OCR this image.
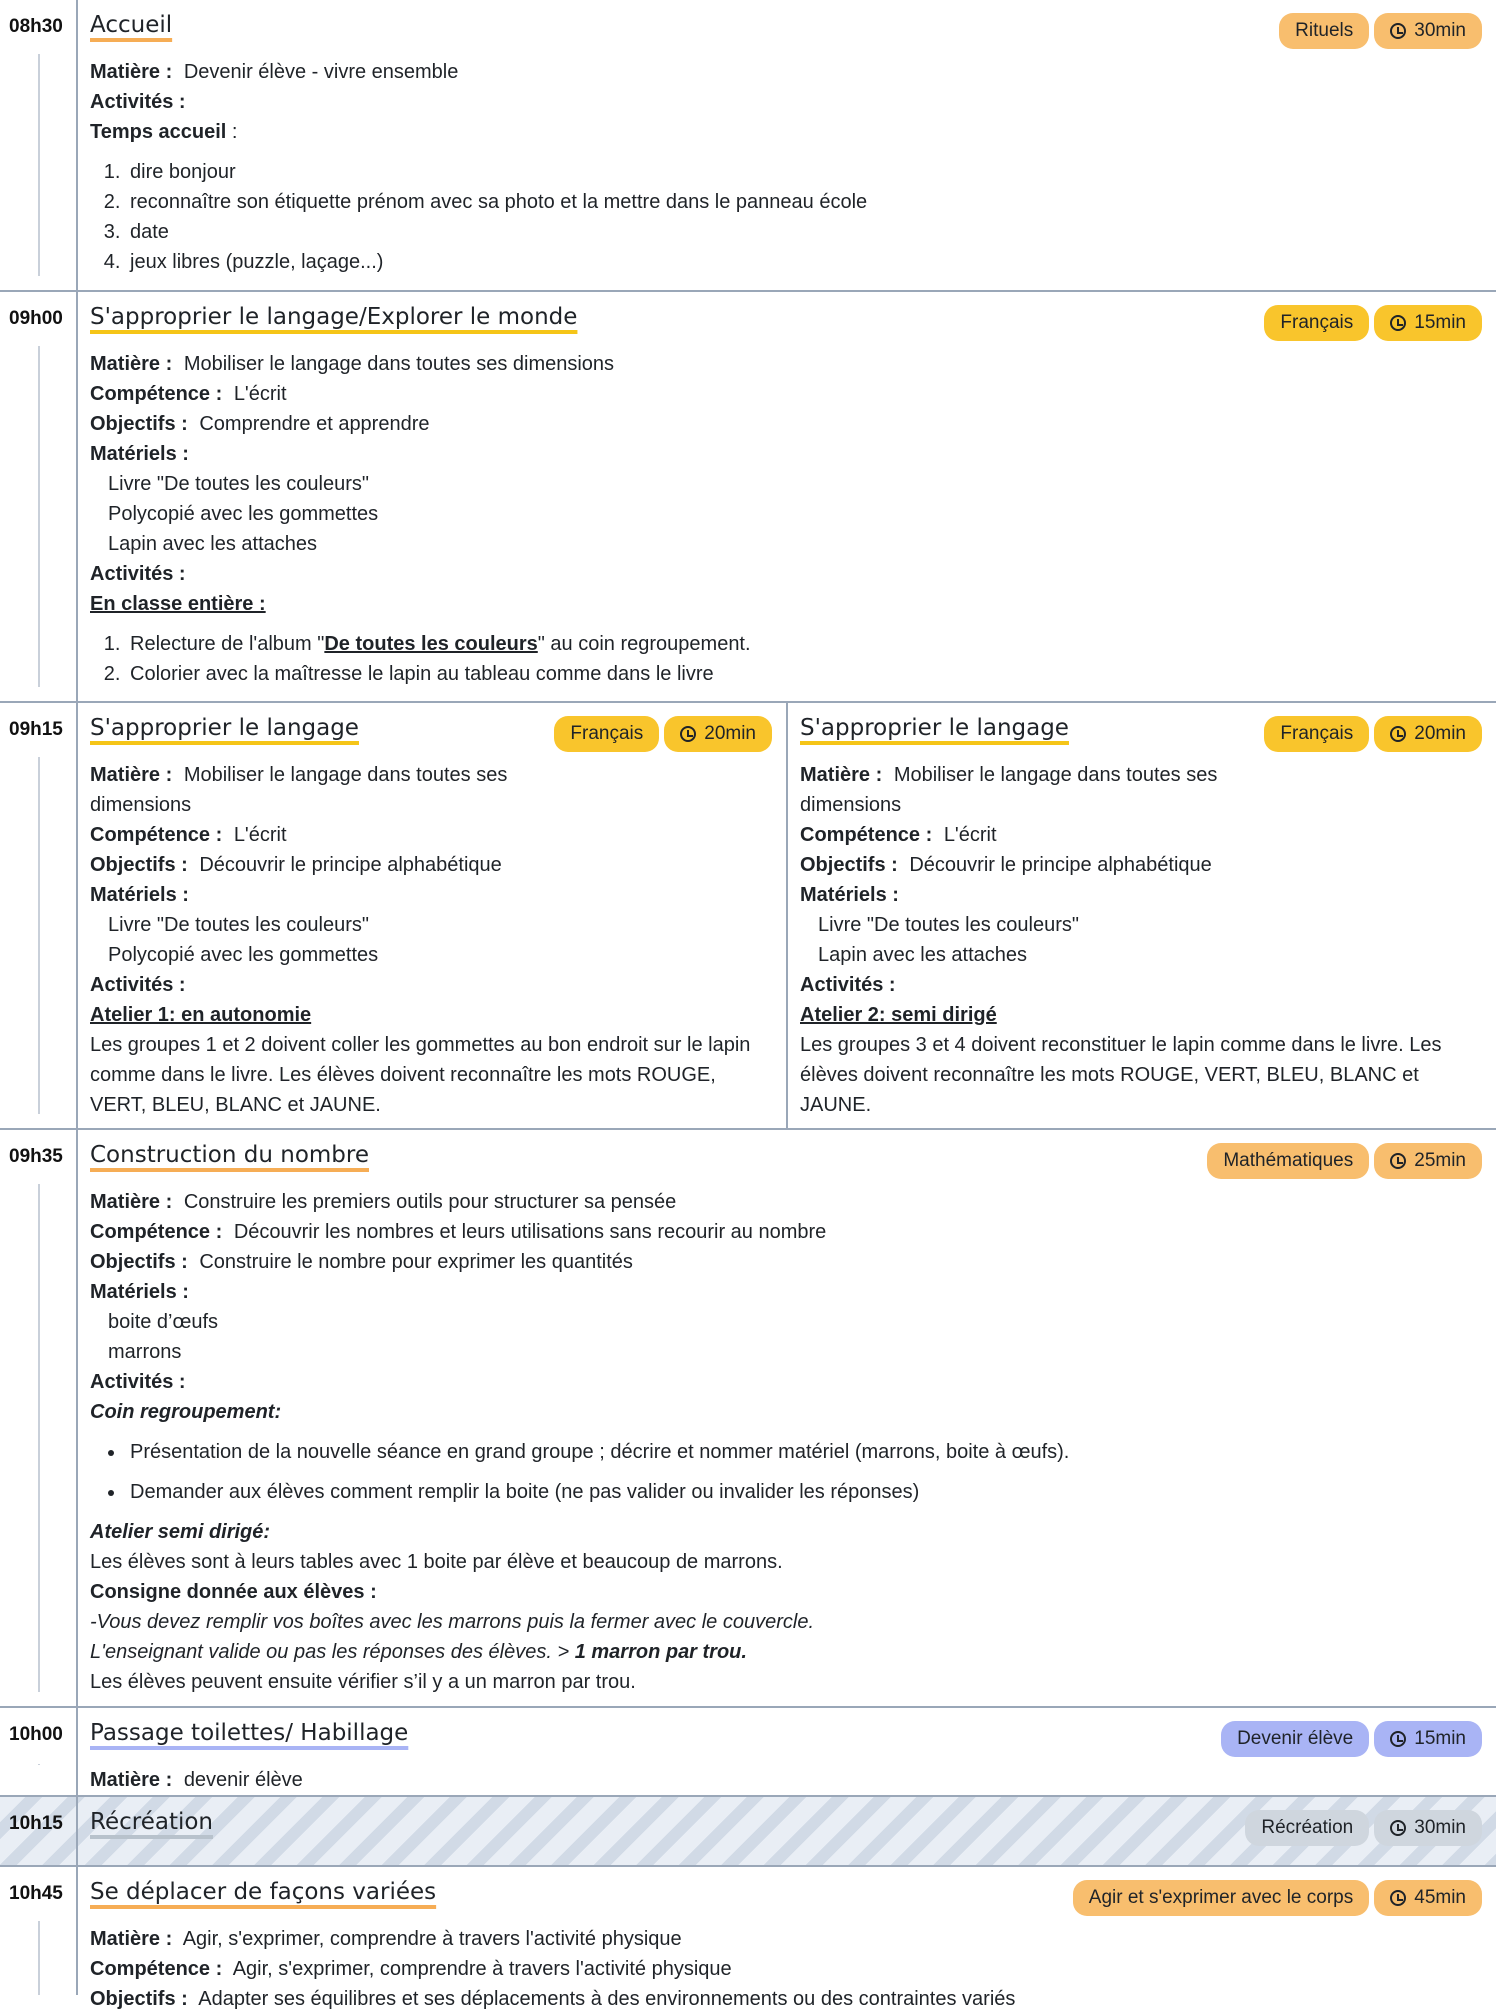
08h30	Accueil	Rituels	30min
Matière : Devenir élève - vivre ensemble
Activités :
Temps accueil :
1. dire bonjour
2. reconnaître son étiquette prénom avec sa photo et la mettre dans le panneau école
3. date
4. jeux libres (puzzle, laçage...)
09h00	S'approprier le langage/Explorer le monde	Français	15min
Matière : Mobiliser le langage dans toutes ses dimensions
Compétence : L'écrit
Objectifs : Comprendre et apprendre
Matériels :
Livre "De toutes les couleurs"
Polycopié avec les gommettes
Lapin avec les attaches
Activités :
En classe entière :
1. Relecture de l'album "De toutes les couleurs" au coin regroupement.
2. Colorier avec la maîtresse le lapin au tableau comme dans le livre
09h15	S'approprier le langage	Français	20min
Matière : Mobiliser le langage dans toutes ses
dimensions
Compétence : L'écrit
Objectifs : Découvrir le principe alphabétique
Matériels :
Livre "De toutes les couleurs"
Polycopié avec les gommettes
Activités :
Atelier 1: en autonomie
Les groupes 1 et 2 doivent coller les gommettes au bon endroit sur le lapin comme dans le livre. Les élèves doivent reconnaître les mots ROUGE, VERT, BLEU, BLANC et JAUNE.
S'approprier le langage	Français	20min
Matière : Mobiliser le langage dans toutes ses
dimensions
Compétence : L'écrit
Objectifs : Découvrir le principe alphabétique
Matériels :
Livre "De toutes les couleurs"
Lapin avec les attaches
Activités :
Atelier 2: semi dirigé
Les groupes 3 et 4 doivent reconstituer le lapin comme dans le livre. Les élèves doivent reconnaître les mots ROUGE, VERT, BLEU, BLANC et JAUNE.
09h35	Construction du nombre	Mathématiques	25min
Matière : Construire les premiers outils pour structurer sa pensée
Compétence : Découvrir les nombres et leurs utilisations sans recourir au nombre
Objectifs : Construire le nombre pour exprimer les quantités
Matériels :
boite d’œufs
marrons
Activités :
Coin regroupement:
• Présentation de la nouvelle séance en grand groupe ; décrire et nommer matériel (marrons, boite à œufs).
• Demander aux élèves comment remplir la boite (ne pas valider ou invalider les réponses)
Atelier semi dirigé:
Les élèves sont à leurs tables avec 1 boite par élève et beaucoup de marrons.
Consigne donnée aux élèves :
-Vous devez remplir vos boîtes avec les marrons puis la fermer avec le couvercle.
L'enseignant valide ou pas les réponses des élèves. > 1 marron par trou.
Les élèves peuvent ensuite vérifier s’il y a un marron par trou.
10h00	Passage toilettes/ Habillage	Devenir élève	15min
Matière : devenir élève
10h15	Récréation	Récréation	30min
10h45	Se déplacer de façons variées	Agir et s'exprimer avec le corps	45min
Matière : Agir, s'exprimer, comprendre à travers l'activité physique
Compétence : Agir, s'exprimer, comprendre à travers l'activité physique
Objectifs : Adapter ses équilibres et ses déplacements à des environnements ou des contraintes variés
